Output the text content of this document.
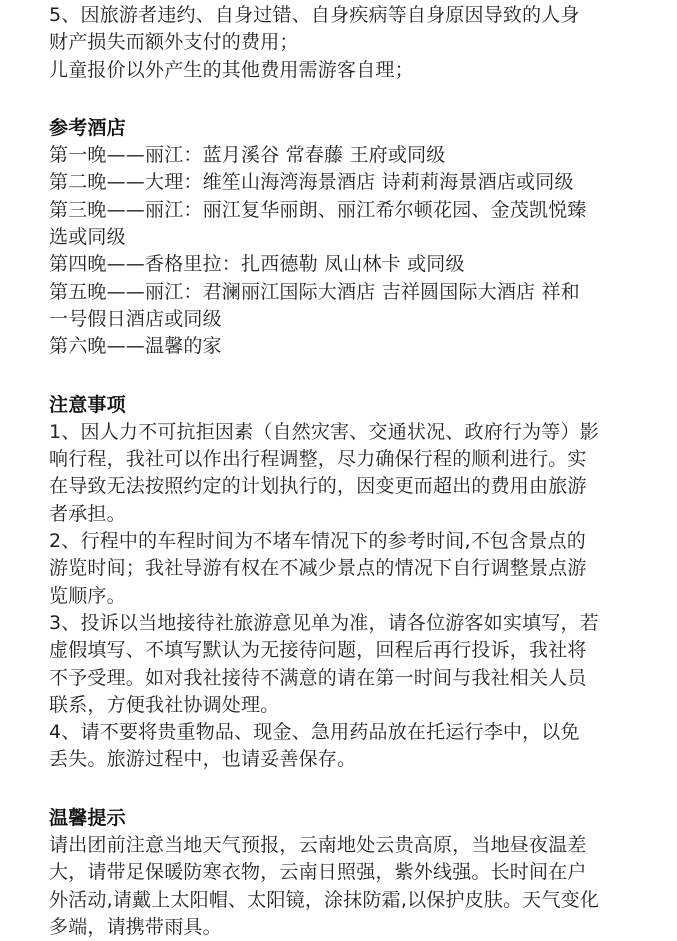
5、因旅游者违约、自身过错、自身疾病等自身原因导致的人身

财产损失而额外支付的费用；

儿童报价以外产生的其他费用需游客自理；

参考酒店

第一晚——丽江：蓝月溪谷 常春藤 王府或同级

第二晚——大理：维笙山海湾海景酒店 诗莉莉海景酒店或同级

第三晚——丽江：丽江复华丽朗、丽江希尔顿花园、金茂凯悦臻

选或同级

第四晚——香格里拉：扎西德勒 凤山林卡 或同级

第五晚——丽江：君澜丽江国际大酒店 吉祥圆国际大酒店 祥和

一号假日酒店或同级

第六晚——温馨的家

注意事项

1、因人力不可抗拒因素（自然灾害、交通状况、政府行为等）影

响行程，我社可以作出行程调整，尽力确保行程的顺利进行。实

在导致无法按照约定的计划执行的，因变更而超出的费用由旅游

者承担。

2、行程中的车程时间为不堵车情况下的参考时间,不包含景点的

游览时间；我社导游有权在不减少景点的情况下自行调整景点游

览顺序。

3、投诉以当地接待社旅游意见单为准，请各位游客如实填写，若

虚假填写、不填写默认为无接待问题，回程后再行投诉，我社将

不予受理。如对我社接待不满意的请在第一时间与我社相关人员

联系，方便我社协调处理。

4、请不要将贵重物品、现金、急用药品放在托运行李中，以免

丢失。旅游过程中，也请妥善保存。

温馨提示

请出团前注意当地天气预报，云南地处云贵高原，当地昼夜温差

大，请带足保暖防寒衣物，云南日照强，紫外线强。长时间在户

外活动,请戴上太阳帽、太阳镜，涂抹防霜,以保护皮肤。天气变化

多端，请携带雨具。
